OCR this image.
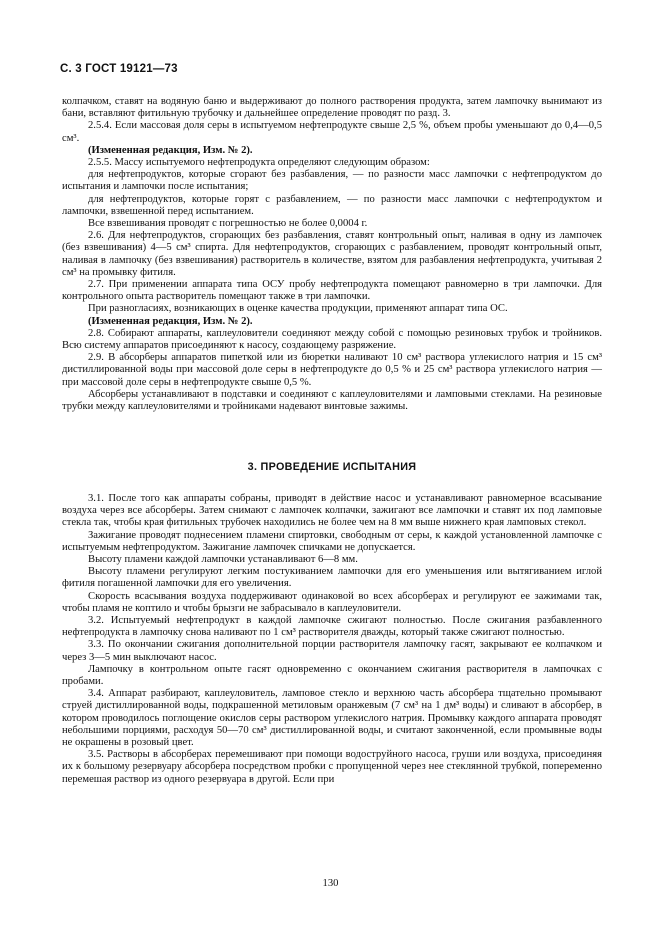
С. 3 ГОСТ 19121—73

колпачком, ставят на водяную баню и выдерживают до полного растворения продукта, затем лампочку вынимают из бани, вставляют фитильную трубочку и дальнейшее определение проводят по разд. 3.

2.5.4. Если массовая доля серы в испытуемом нефтепродукте свыше 2,5 %, объем пробы уменьшают до 0,4—0,5 см³.

(Измененная редакция, Изм. № 2).

2.5.5. Массу испытуемого нефтепродукта определяют следующим образом:

для нефтепродуктов, которые сгорают без разбавления, — по разности масс лампочки с нефтепродуктом до испытания и лампочки после испытания;

для нефтепродуктов, которые горят с разбавлением, — по разности масс лампочки с нефтепродуктом и лампочки, взвешенной перед испытанием.

Все взвешивания проводят с погрешностью не более 0,0004 г.

2.6. Для нефтепродуктов, сгорающих без разбавления, ставят контрольный опыт, наливая в одну из лампочек (без взвешивания) 4—5 см³ спирта. Для нефтепродуктов, сгорающих с разбавлением, проводят контрольный опыт, наливая в лампочку (без взвешивания) растворитель в количестве, взятом для разбавления нефтепродукта, учитывая 2 см³ на промывку фитиля.

2.7. При применении аппарата типа ОСУ пробу нефтепродукта помещают равномерно в три лампочки. Для контрольного опыта растворитель помещают также в три лампочки.

При разногласиях, возникающих в оценке качества продукции, применяют аппарат типа ОС.

(Измененная редакция, Изм. № 2).

2.8. Собирают аппараты, каплеуловители соединяют между собой с помощью резиновых трубок и тройников. Всю систему аппаратов присоединяют к насосу, создающему разряжение.

2.9. В абсорберы аппаратов пипеткой или из бюретки наливают 10 см³ раствора углекислого натрия и 15 см³ дистиллированной воды при массовой доле серы в нефтепродукте до 0,5 % и 25 см³ раствора углекислого натрия — при массовой доле серы в нефтепродукте свыше 0,5 %.

Абсорберы устанавливают в подставки и соединяют с каплеуловителями и ламповыми стеклами. На резиновые трубки между каплеуловителями и тройниками надевают винтовые зажимы.

3. ПРОВЕДЕНИЕ ИСПЫТАНИЯ

3.1. После того как аппараты собраны, приводят в действие насос и устанавливают равномерное всасывание воздуха через все абсорберы. Затем снимают с лампочек колпачки, зажигают все лампочки и ставят их под ламповые стекла так, чтобы края фитильных трубочек находились не более чем на 8 мм выше нижнего края ламповых стекол.

Зажигание проводят поднесением пламени спиртовки, свободным от серы, к каждой установленной лампочке с испытуемым нефтепродуктом. Зажигание лампочек спичками не допускается.

Высоту пламени каждой лампочки устанавливают 6—8 мм.

Высоту пламени регулируют легким постукиванием лампочки для его уменьшения или вытягиванием иглой фитиля погашенной лампочки для его увеличения.

Скорость всасывания воздуха поддерживают одинаковой во всех абсорберах и регулируют ее зажимами так, чтобы пламя не коптило и чтобы брызги не забрасывало в каплеуловители.

3.2. Испытуемый нефтепродукт в каждой лампочке сжигают полностью. После сжигания разбавленного нефтепродукта в лампочку снова наливают по 1 см³ растворителя дважды, который также сжигают полностью.

3.3. По окончании сжигания дополнительной порции растворителя лампочку гасят, закрывают ее колпачком и через 3—5 мин выключают насос.

Лампочку в контрольном опыте гасят одновременно с окончанием сжигания растворителя в лампочках с пробами.

3.4. Аппарат разбирают, каплеуловитель, ламповое стекло и верхнюю часть абсорбера тщательно промывают струей дистиллированной воды, подкрашенной метиловым оранжевым (7 см³ на 1 дм³ воды) и сливают в абсорбер, в котором проводилось поглощение окислов серы раствором углекислого натрия. Промывку каждого аппарата проводят небольшими порциями, расходуя 50—70 см³ дистиллированной воды, и считают законченной, если промывные воды не окрашены в розовый цвет.

3.5. Растворы в абсорберах перемешивают при помощи водоструйного насоса, груши или воздуха, присоединяя их к большому резервуару абсорбера посредством пробки с пропущенной через нее стеклянной трубкой, попеременно перемешая раствор из одного резервуара в другой. Если при

130
